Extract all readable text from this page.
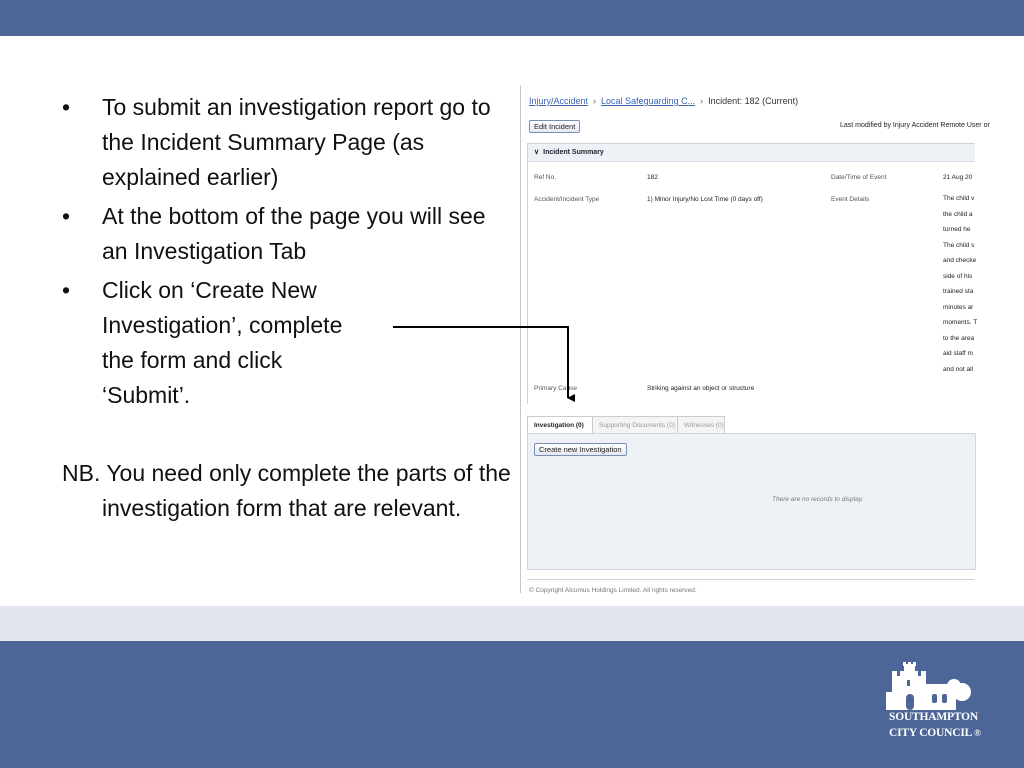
•	To submit an investigation report go to the Incident Summary Page (as explained earlier)
•	At the bottom of the page you will see an Investigation Tab
•	Click on ‘Create New Investigation’, complete the form and click ‘Submit’.
NB. You need only complete the parts of the investigation form that are relevant.
Injury/Accident › Local Safeguarding C... › Incident: 182 (Current)
Edit Incident	Last modified by Injury Accident Remote User or
∨ Incident Summary
Ref No.	182	Date/Time of Event	21 Aug 20
Accident/Incident Type	1) Minor Injury/No Lost Time (0 days off)	Event Details	The child v
the child a
turned he
The child s
and checke
side of his
trained sta
minutes ar
moments. T
to the area
aid staff m
and not all
Primary Cause	Striking against an object or structure
Investigation (0)	Supporting Documents (0)	Witnesses (0)
Create new Investigation
There are no records to display.
© Copyright Alcumus Holdings Limited. All rights reserved.
SOUTHAMPTON
CITY COUNCIL ®
